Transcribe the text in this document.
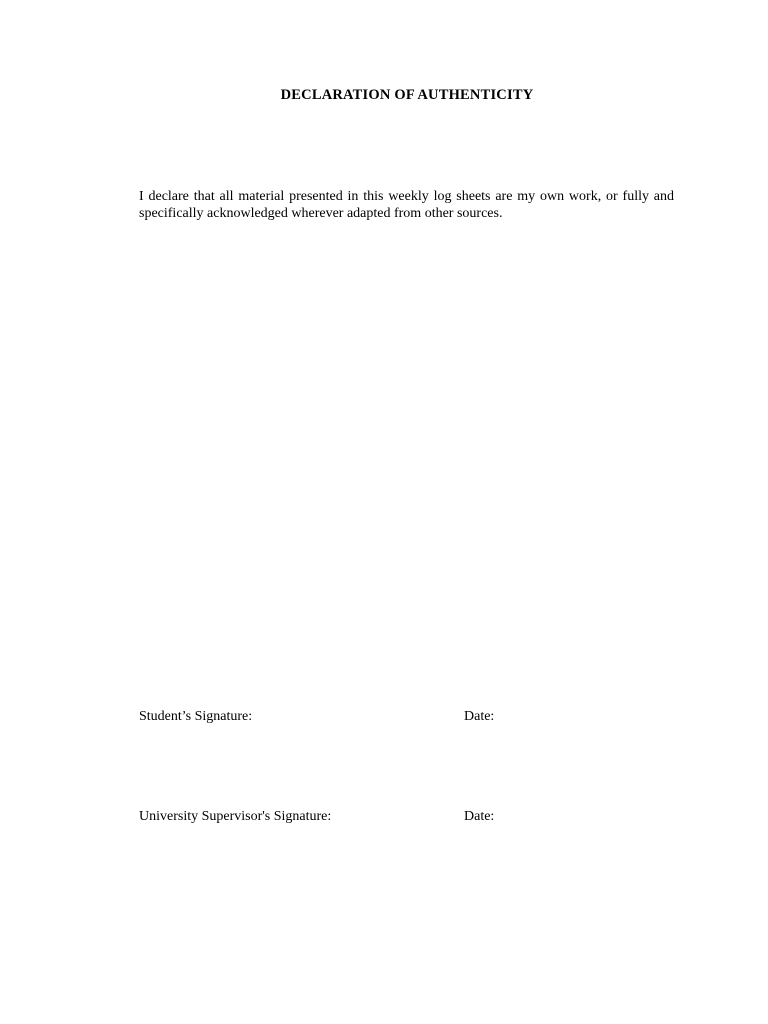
DECLARATION OF AUTHENTICITY

I declare that all material presented in this weekly log sheets are my own work, or fully and specifically acknowledged wherever adapted from other sources.

Student’s Signature:	Date:
University Supervisor's Signature:	Date:
